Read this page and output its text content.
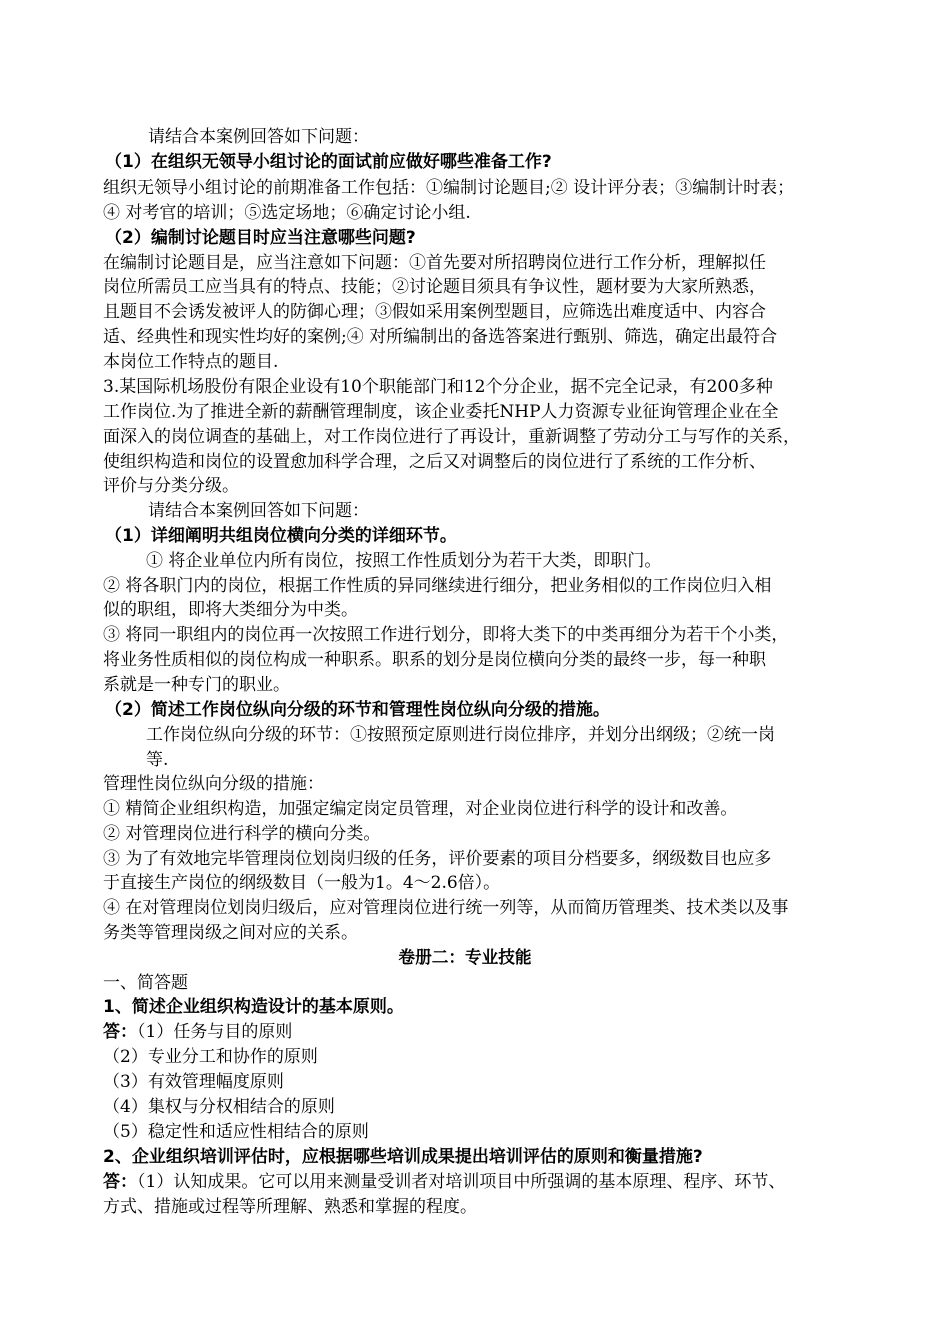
请结合本案例回答如下问题：
（1）在组织无领导小组讨论的面试前应做好哪些准备工作?
组织无领导小组讨论的前期准备工作包括：①编制讨论题目;② 设计评分表；③编制计时表；
④ 对考官的培训；⑤选定场地；⑥确定讨论小组.
（2）编制讨论题目时应当注意哪些问题?
在编制讨论题目是，应当注意如下问题：①首先要对所招聘岗位进行工作分析，理解拟任
岗位所需员工应当具有的特点、技能；②讨论题目须具有争议性，题材要为大家所熟悉，
且题目不会诱发被评人的防御心理；③假如采用案例型题目，应筛选出难度适中、内容合
适、经典性和现实性均好的案例;④ 对所编制出的备选答案进行甄别、筛选，确定出最符合
本岗位工作特点的题目.
3.某国际机场股份有限企业设有10个职能部门和12个分企业，据不完全记录，有200多种
工作岗位.为了推进全新的薪酬管理制度，该企业委托NHP人力资源专业征询管理企业在全
面深入的岗位调查的基础上，对工作岗位进行了再设计，重新调整了劳动分工与写作的关系，
使组织构造和岗位的设置愈加科学合理，之后又对调整后的岗位进行了系统的工作分析、
评价与分类分级。
请结合本案例回答如下问题：
（1）详细阐明共组岗位横向分类的详细环节。
① 将企业单位内所有岗位，按照工作性质划分为若干大类，即职门。
② 将各职门内的岗位，根据工作性质的异同继续进行细分，把业务相似的工作岗位归入相
似的职组，即将大类细分为中类。
③ 将同一职组内的岗位再一次按照工作进行划分，即将大类下的中类再细分为若干个小类，
将业务性质相似的岗位构成一种职系。职系的划分是岗位横向分类的最终一步，每一种职
系就是一种专门的职业。
（2）简述工作岗位纵向分级的环节和管理性岗位纵向分级的措施。
工作岗位纵向分级的环节：①按照预定原则进行岗位排序，并划分出纲级；②统一岗
等.
管理性岗位纵向分级的措施：
① 精简企业组织构造，加强定编定岗定员管理，对企业岗位进行科学的设计和改善。
② 对管理岗位进行科学的横向分类。
③ 为了有效地完毕管理岗位划岗归级的任务，评价要素的项目分档要多，纲级数目也应多
于直接生产岗位的纲级数目（一般为1。4～2.6倍）。
④ 在对管理岗位划岗归级后，应对管理岗位进行统一列等，从而简历管理类、技术类以及事
务类等管理岗级之间对应的关系。
卷册二：专业技能
一、简答题
1、简述企业组织构造设计的基本原则。
答：（1）任务与目的原则
（2）专业分工和协作的原则
（3）有效管理幅度原则
（4）集权与分权相结合的原则
（5）稳定性和适应性相结合的原则
2、企业组织培训评估时，应根据哪些培训成果提出培训评估的原则和衡量措施?
答：（1）认知成果。它可以用来测量受训者对培训项目中所强调的基本原理、程序、环节、
方式、措施或过程等所理解、熟悉和掌握的程度。
